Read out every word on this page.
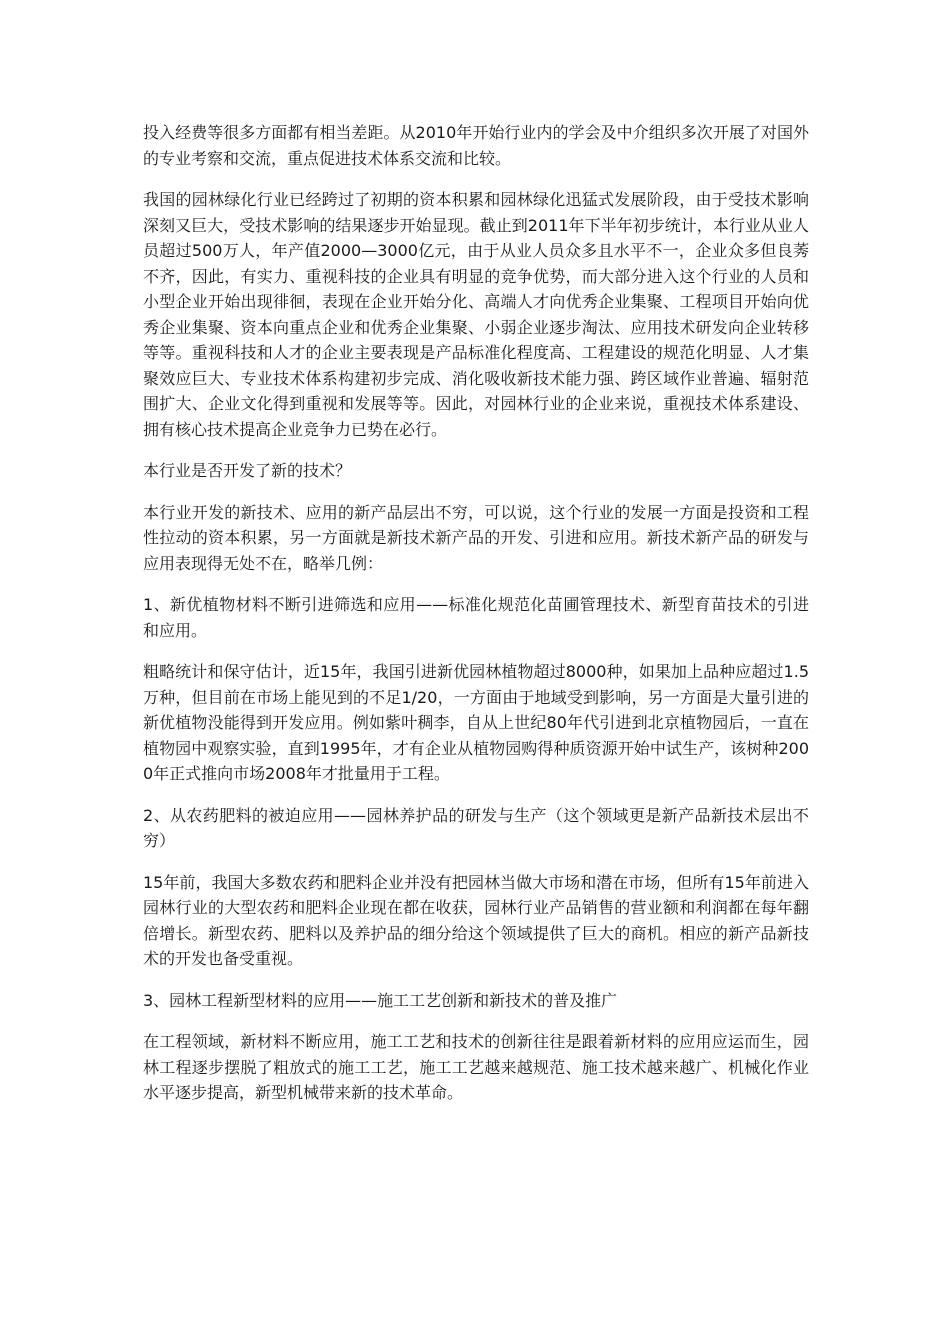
投入经费等很多方面都有相当差距。从2010年开始行业内的学会及中介组织多次开展了对国外的专业考察和交流，重点促进技术体系交流和比较。

我国的园林绿化行业已经跨过了初期的资本积累和园林绿化迅猛式发展阶段，由于受技术影响深刻又巨大，受技术影响的结果逐步开始显现。截止到2011年下半年初步统计，本行业从业人员超过500万人，年产值2000—3000亿元，由于从业人员众多且水平不一，企业众多但良莠不齐，因此，有实力、重视科技的企业具有明显的竞争优势，而大部分进入这个行业的人员和小型企业开始出现徘徊，表现在企业开始分化、高端人才向优秀企业集聚、工程项目开始向优秀企业集聚、资本向重点企业和优秀企业集聚、小弱企业逐步淘汰、应用技术研发向企业转移等等。重视科技和人才的企业主要表现是产品标准化程度高、工程建设的规范化明显、人才集聚效应巨大、专业技术体系构建初步完成、消化吸收新技术能力强、跨区域作业普遍、辐射范围扩大、企业文化得到重视和发展等等。因此，对园林行业的企业来说，重视技术体系建设、拥有核心技术提高企业竞争力已势在必行。

本行业是否开发了新的技术？

本行业开发的新技术、应用的新产品层出不穷，可以说，这个行业的发展一方面是投资和工程性拉动的资本积累，另一方面就是新技术新产品的开发、引进和应用。新技术新产品的研发与应用表现得无处不在，略举几例：

1、新优植物材料不断引进筛选和应用——标准化规范化苗圃管理技术、新型育苗技术的引进和应用。

粗略统计和保守估计，近15年，我国引进新优园林植物超过8000种，如果加上品种应超过1.5万种，但目前在市场上能见到的不足1/20，一方面由于地域受到影响，另一方面是大量引进的新优植物没能得到开发应用。例如紫叶稠李，自从上世纪80年代引进到北京植物园后，一直在植物园中观察实验，直到1995年，才有企业从植物园购得种质资源开始中试生产，该树种2000年正式推向市场2008年才批量用于工程。

2、从农药肥料的被迫应用——园林养护品的研发与生产（这个领域更是新产品新技术层出不穷）

15年前，我国大多数农药和肥料企业并没有把园林当做大市场和潜在市场，但所有15年前进入园林行业的大型农药和肥料企业现在都在收获，园林行业产品销售的营业额和利润都在每年翻倍增长。新型农药、肥料以及养护品的细分给这个领域提供了巨大的商机。相应的新产品新技术的开发也备受重视。

3、园林工程新型材料的应用——施工工艺创新和新技术的普及推广

在工程领域，新材料不断应用，施工工艺和技术的创新往往是跟着新材料的应用应运而生，园林工程逐步摆脱了粗放式的施工工艺，施工工艺越来越规范、施工技术越来越广、机械化作业水平逐步提高，新型机械带来新的技术革命。
